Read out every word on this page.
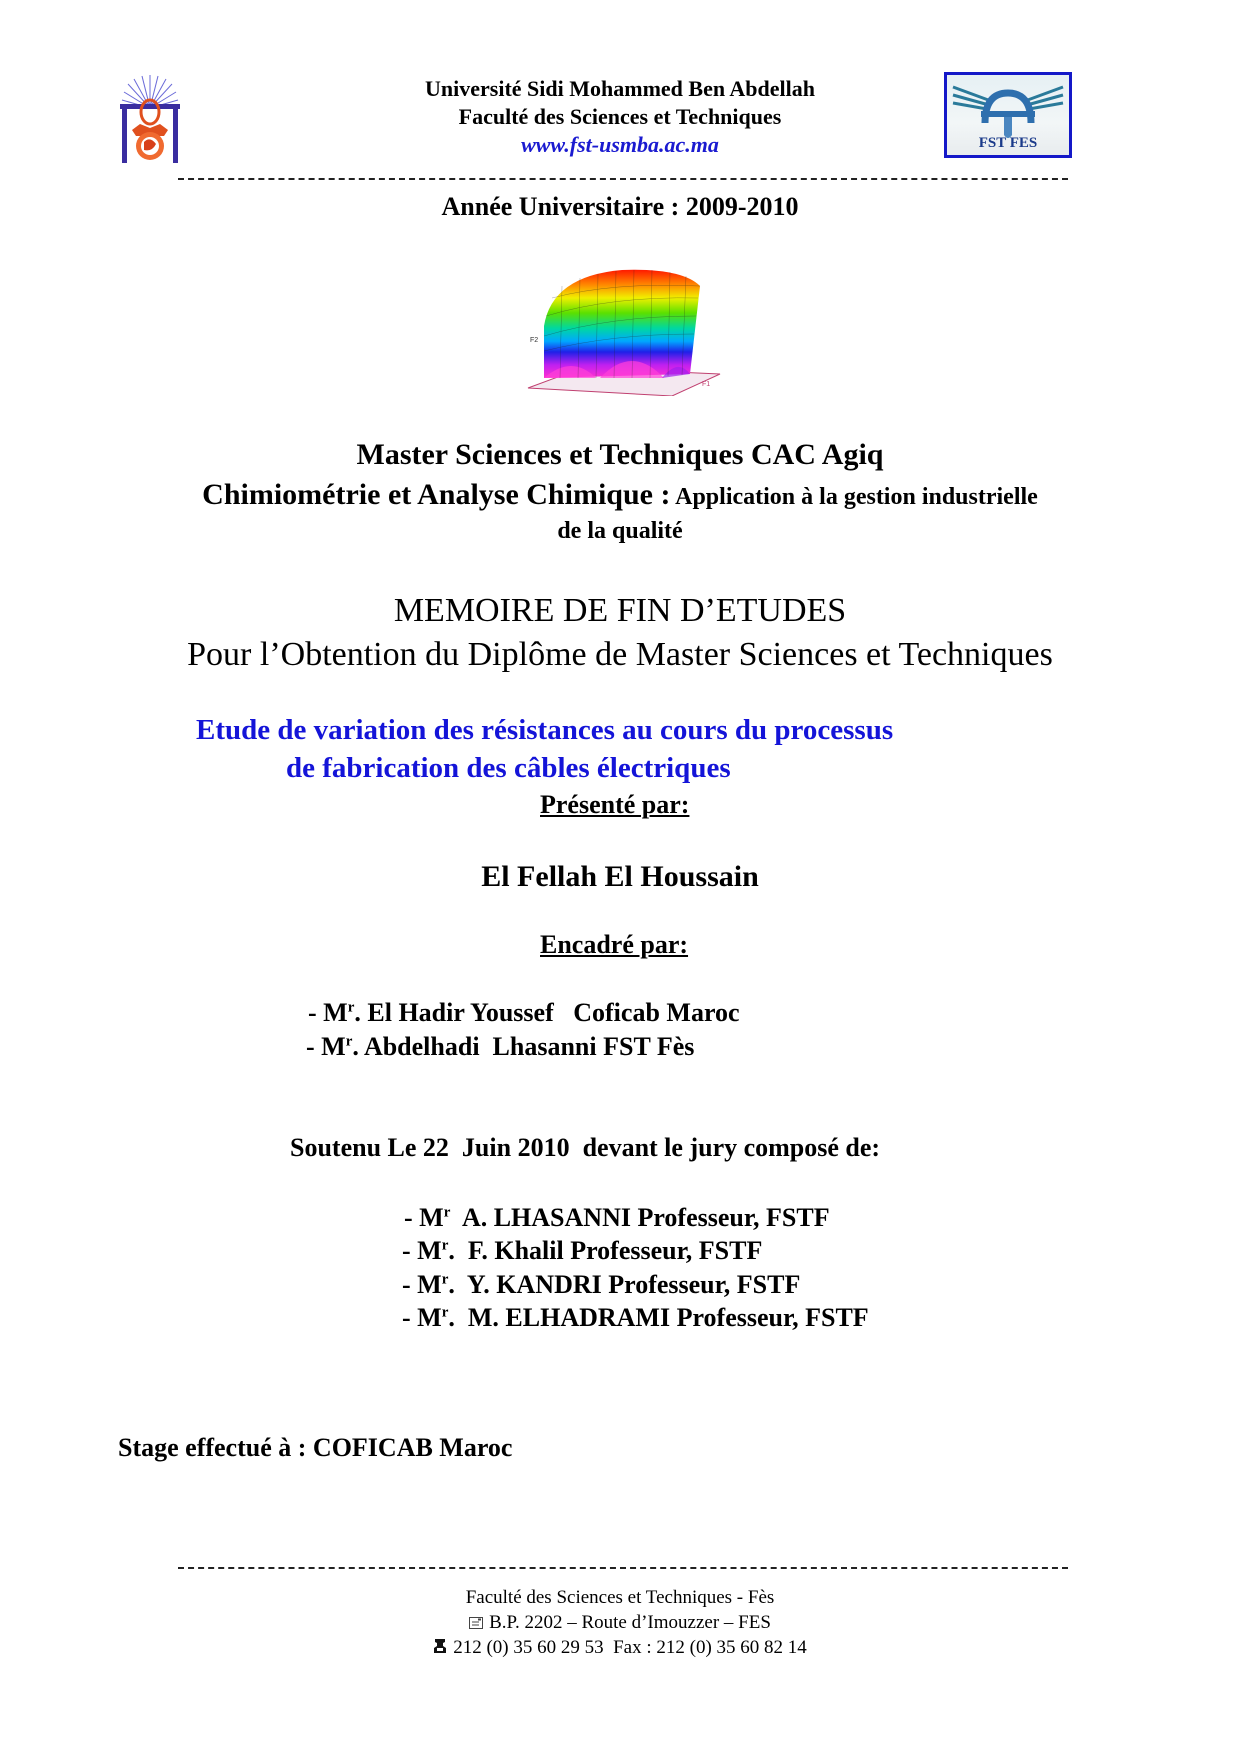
Université Sidi Mohammed Ben Abdellah
Faculté des Sciences et Techniques
www.fst-usmba.ac.ma	FST FES
Année Universitaire : 2009-2010
F2
F1
Master Sciences et Techniques CAC Agiq
Chimiométrie et Analyse Chimique : Application à la gestion industrielle
de la qualité
MEMOIRE DE FIN D’ETUDES
Pour l’Obtention du Diplôme de Master Sciences et Techniques
Etude de variation des résistances au cours du processus
de fabrication des câbles électriques
Présenté par:
El Fellah El Houssain
Encadré par:
- $M^r$. El Hadir Youssef   Coficab Maroc
- $M^r$. Abdelhadi  Lhasanni FST Fès
Soutenu Le 22  Juin 2010  devant le jury composé de:
- $M^r$  A. LHASANNI Professeur, FSTF
- $M^r$.  F. Khalil Professeur, FSTF
- $M^r$.  Y. KANDRI Professeur, FSTF
- $M^r$.  M. ELHADRAMI Professeur, FSTF
Stage effectué à : COFICAB Maroc
Faculté des Sciences et Techniques - Fès
B.P. 2202 – Route d’Imouzzer – FES
212 (0) 35 60 29 53  Fax : 212 (0) 35 60 82 14
